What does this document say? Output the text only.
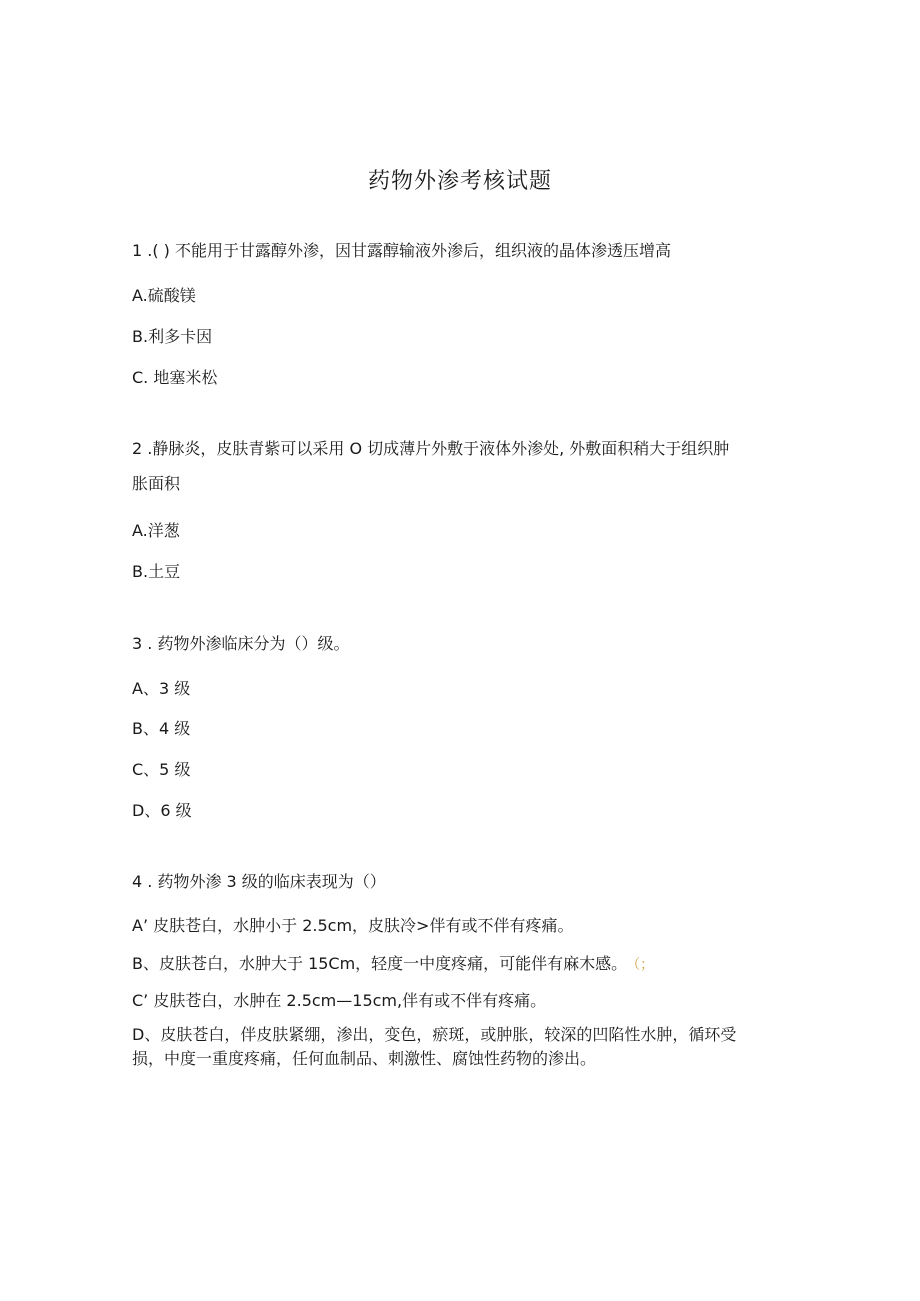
药物外渗考核试题
1 .( ) 不能用于甘露醇外渗，因甘露醇输液外渗后，组织液的晶体渗透压增高
A.硫酸镁
B.利多卡因
C. 地塞米松
2 .静脉炎，皮肤青紫可以采用 O 切成薄片外敷于液体外渗处, 外敷面积稍大于组织肿
胀面积
A.洋葱
B.土豆
3 . 药物外渗临床分为（）级。
A、3 级
B、4 级
C、5 级
D、6 级
4 . 药物外渗 3 级的临床表现为（）
A’ 皮肤苍白，水肿小于 2.5cm，皮肤冷>伴有或不伴有疼痛。
B、皮肤苍白，水肿大于 15Cm，轻度一中度疼痛，可能伴有麻木感。 （；
C’ 皮肤苍白，水肿在 2.5cm—15cm,伴有或不伴有疼痛。
D、皮肤苍白，伴皮肤紧绷，渗出，变色，瘀斑，或肿胀，较深的凹陷性水肿，循环受
损，中度一重度疼痛，任何血制品、刺激性、腐蚀性药物的渗出。
